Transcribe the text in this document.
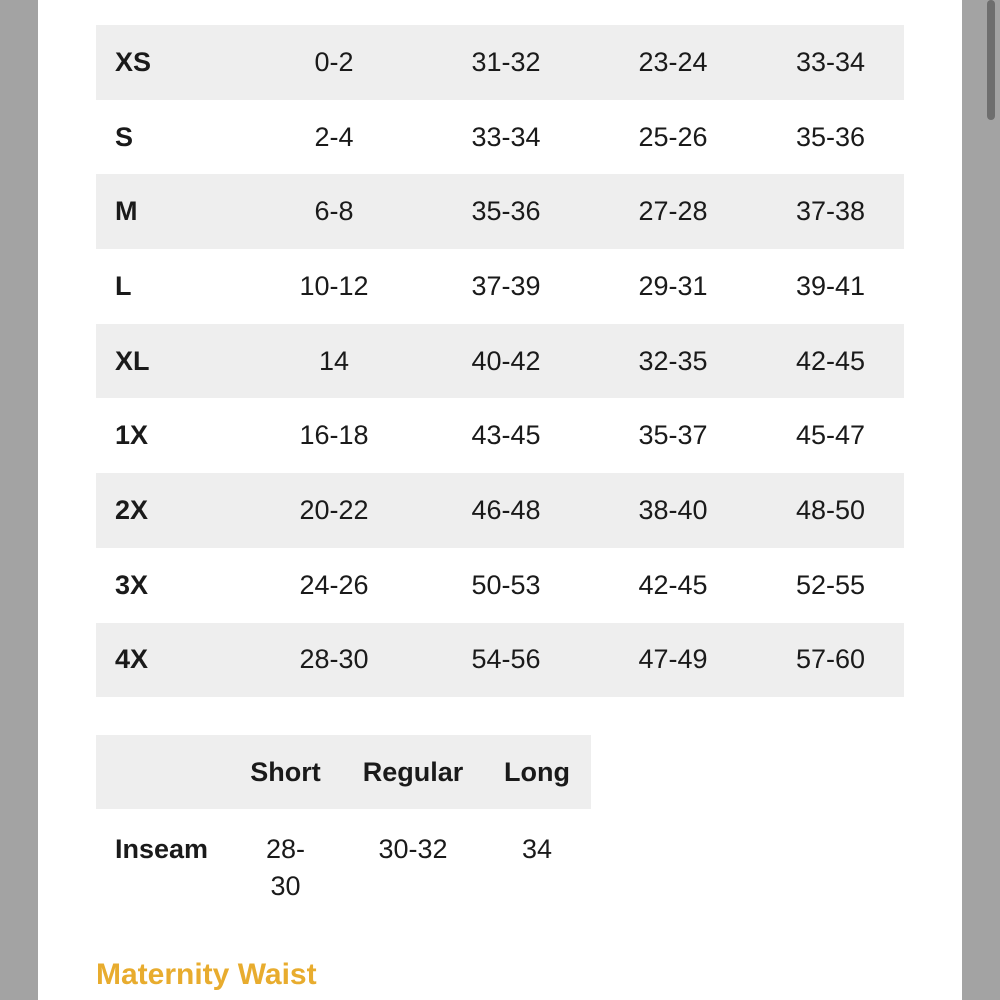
XS	0-2	31-32	23-24	33-34
S	2-4	33-34	25-26	35-36
M	6-8	35-36	27-28	37-38
L	10-12	37-39	29-31	39-41
XL	14	40-42	32-35	42-45
1X	16-18	43-45	35-37	45-47
2X	20-22	46-48	38-40	48-50
3X	24-26	50-53	42-45	52-55
4X	28-30	54-56	47-49	57-60
	Short	Regular	Long
Inseam	28-30	30-32	34
Maternity Waist
